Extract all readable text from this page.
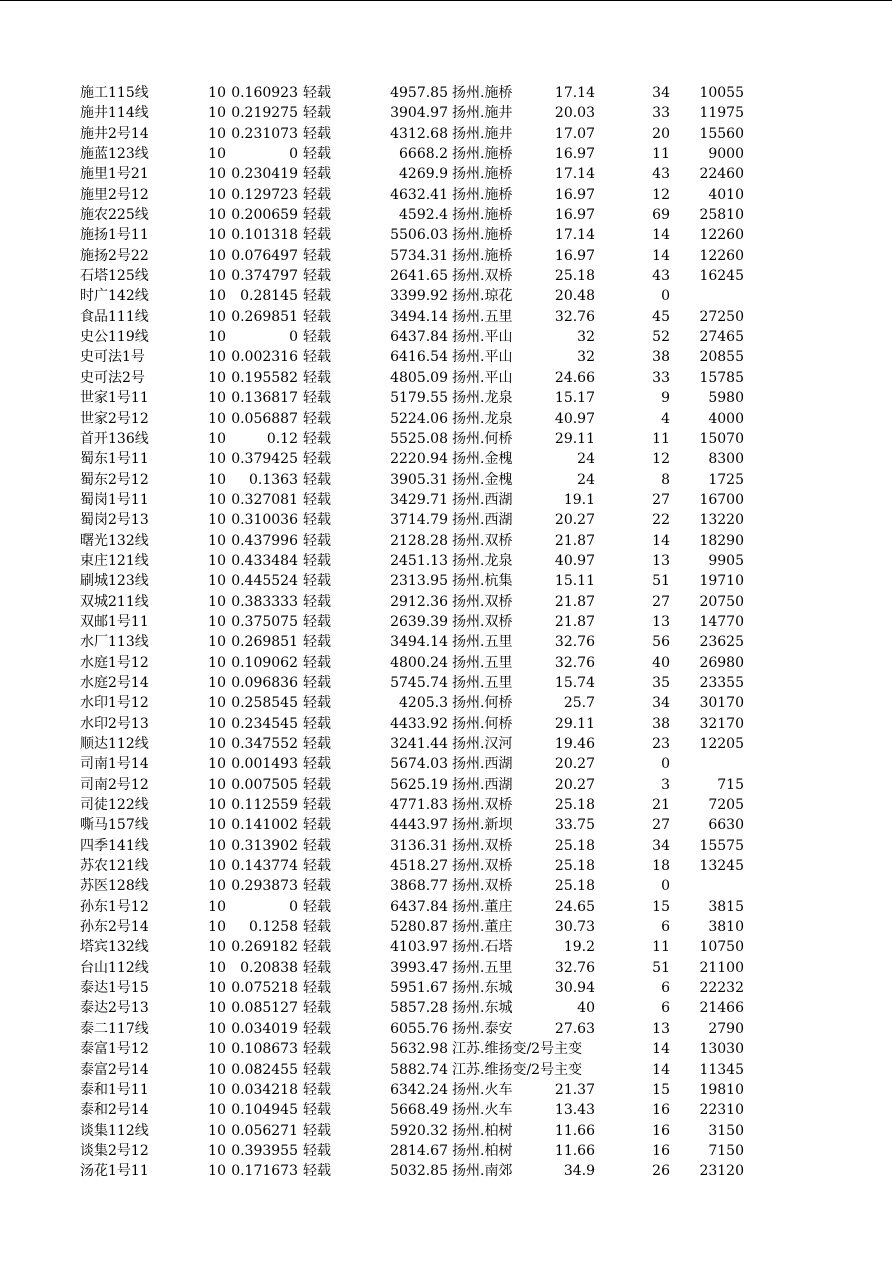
施工115线	10 0.160923 轻载	4957.85 扬州.施桥	17.14	34	10055
施井114线	10 0.219275 轻载	3904.97 扬州.施井	20.03	33	11975
施井2号14	10 0.231073 轻载	4312.68 扬州.施井	17.07	20	15560
施蓝123线	10	0 轻载	6668.2 扬州.施桥	16.97	11	9000
施里1号21	10 0.230419 轻载	4269.9 扬州.施桥	17.14	43	22460
施里2号12	10 0.129723 轻载	4632.41 扬州.施桥	16.97	12	4010
施农225线	10 0.200659 轻载	4592.4 扬州.施桥	16.97	69	25810
施扬1号11	10 0.101318 轻载	5506.03 扬州.施桥	17.14	14	12260
施扬2号22	10 0.076497 轻载	5734.31 扬州.施桥	16.97	14	12260
石塔125线	10 0.374797 轻载	2641.65 扬州.双桥	25.18	43	16245
时广142线	10	0.28145 轻载	3399.92 扬州.琼花	20.48	0
食品111线	10 0.269851 轻载	3494.14 扬州.五里	32.76	45	27250
史公119线	10	0 轻载	6437.84 扬州.平山	32	52	27465
史可法1号	10 0.002316 轻载	6416.54 扬州.平山	32	38	20855
史可法2号	10 0.195582 轻载	4805.09 扬州.平山	24.66	33	15785
世家1号11	10 0.136817 轻载	5179.55 扬州.龙泉	15.17	9	5980
世家2号12	10 0.056887 轻载	5224.06 扬州.龙泉	40.97	4	4000
首开136线	10	0.12 轻载	5525.08 扬州.何桥	29.11	11	15070
蜀东1号11	10 0.379425 轻载	2220.94 扬州.金槐	24	12	8300
蜀东2号12	10	0.1363 轻载	3905.31 扬州.金槐	24	8	1725
蜀岗1号11	10 0.327081 轻载	3429.71 扬州.西湖	19.1	27	16700
蜀岗2号13	10 0.310036 轻载	3714.79 扬州.西湖	20.27	22	13220
曙光132线	10 0.437996 轻载	2128.28 扬州.双桥	21.87	14	18290
束庄121线	10 0.433484 轻载	2451.13 扬州.龙泉	40.97	13	9905
刷城123线	10 0.445524 轻载	2313.95 扬州.杭集	15.11	51	19710
双城211线	10 0.383333 轻载	2912.36 扬州.双桥	21.87	27	20750
双邮1号11	10 0.375075 轻载	2639.39 扬州.双桥	21.87	13	14770
水厂113线	10 0.269851 轻载	3494.14 扬州.五里	32.76	56	23625
水庭1号12	10 0.109062 轻载	4800.24 扬州.五里	32.76	40	26980
水庭2号14	10 0.096836 轻载	5745.74 扬州.五里	15.74	35	23355
水印1号12	10 0.258545 轻载	4205.3 扬州.何桥	25.7	34	30170
水印2号13	10 0.234545 轻载	4433.92 扬州.何桥	29.11	38	32170
顺达112线	10 0.347552 轻载	3241.44 扬州.汉河	19.46	23	12205
司南1号14	10 0.001493 轻载	5674.03 扬州.西湖	20.27	0
司南2号12	10 0.007505 轻载	5625.19 扬州.西湖	20.27	3	715
司徒122线	10 0.112559 轻载	4771.83 扬州.双桥	25.18	21	7205
嘶马157线	10 0.141002 轻载	4443.97 扬州.新坝	33.75	27	6630
四季141线	10 0.313902 轻载	3136.31 扬州.双桥	25.18	34	15575
苏农121线	10 0.143774 轻载	4518.27 扬州.双桥	25.18	18	13245
苏医128线	10 0.293873 轻载	3868.77 扬州.双桥	25.18	0
孙东1号12	10	0 轻载	6437.84 扬州.董庄	24.65	15	3815
孙东2号14	10	0.1258 轻载	5280.87 扬州.董庄	30.73	6	3810
塔宾132线	10 0.269182 轻载	4103.97 扬州.石塔	19.2	11	10750
台山112线	10	0.20838 轻载	3993.47 扬州.五里	32.76	51	21100
泰达1号15	10 0.075218 轻载	5951.67 扬州.东城	30.94	6	22232
泰达2号13	10 0.085127 轻载	5857.28 扬州.东城	40	6	21466
泰二117线	10 0.034019 轻载	6055.76 扬州.泰安	27.63	13	2790
泰富1号12	10 0.108673 轻载	5632.98 江苏.维扬变/2号主变	14	13030
泰富2号14	10 0.082455 轻载	5882.74 江苏.维扬变/2号主变	14	11345
泰和1号11	10 0.034218 轻载	6342.24 扬州.火车	21.37	15	19810
泰和2号14	10 0.104945 轻载	5668.49 扬州.火车	13.43	16	22310
谈集112线	10 0.056271 轻载	5920.32 扬州.柏树	11.66	16	3150
谈集2号12	10 0.393955 轻载	2814.67 扬州.柏树	11.66	16	7150
汤花1号11	10 0.171673 轻载	5032.85 扬州.南郊	34.9	26	23120
